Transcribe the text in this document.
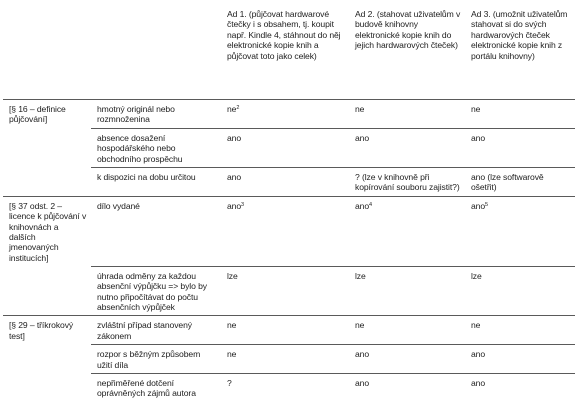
		Ad 1. (půjčovat hardwarové čtečky i s obsahem, tj. koupit např. Kindle 4, stáhnout do něj elektronické kopie knih a půjčovat toto jako celek)	Ad 2. (stahovat uživatelům v budově knihovny elektronické kopie knih do jejich hardwarových čteček)	Ad 3. (umožnit uživatelům stahovat si do svých hardwarových čteček elektronické kopie knih z portálu knihovny)
[§ 16 – definice půjčování]	hmotný originál nebo rozmnoženina	$ne^2$	ne	ne
	absence dosažení hospodářského nebo obchodního prospěchu	ano	ano	ano
	k dispozici na dobu určitou	ano	? (lze v knihovně při kopírování souboru zajistit?)	ano (lze softwarově ošetřit)
[§ 37 odst. 2 – licence k půjčování v knihovnách a dalších jmenovaných institucích]	dílo vydané	ano$^3$	ano$^4$	ano$^5$
	úhrada odměny za každou absenční výpůjčku => bylo by nutno připočítávat do počtu absenčních výpůjček	lze	lze	lze
[§ 29 – tříkrokový test]	zvláštní případ stanovený zákonem	ne	ne	ne
	rozpor s běžným způsobem užití díla	ne	ano	ano
	nepřiměřené dotčení oprávněných zájmů autora	?	ano	ano
